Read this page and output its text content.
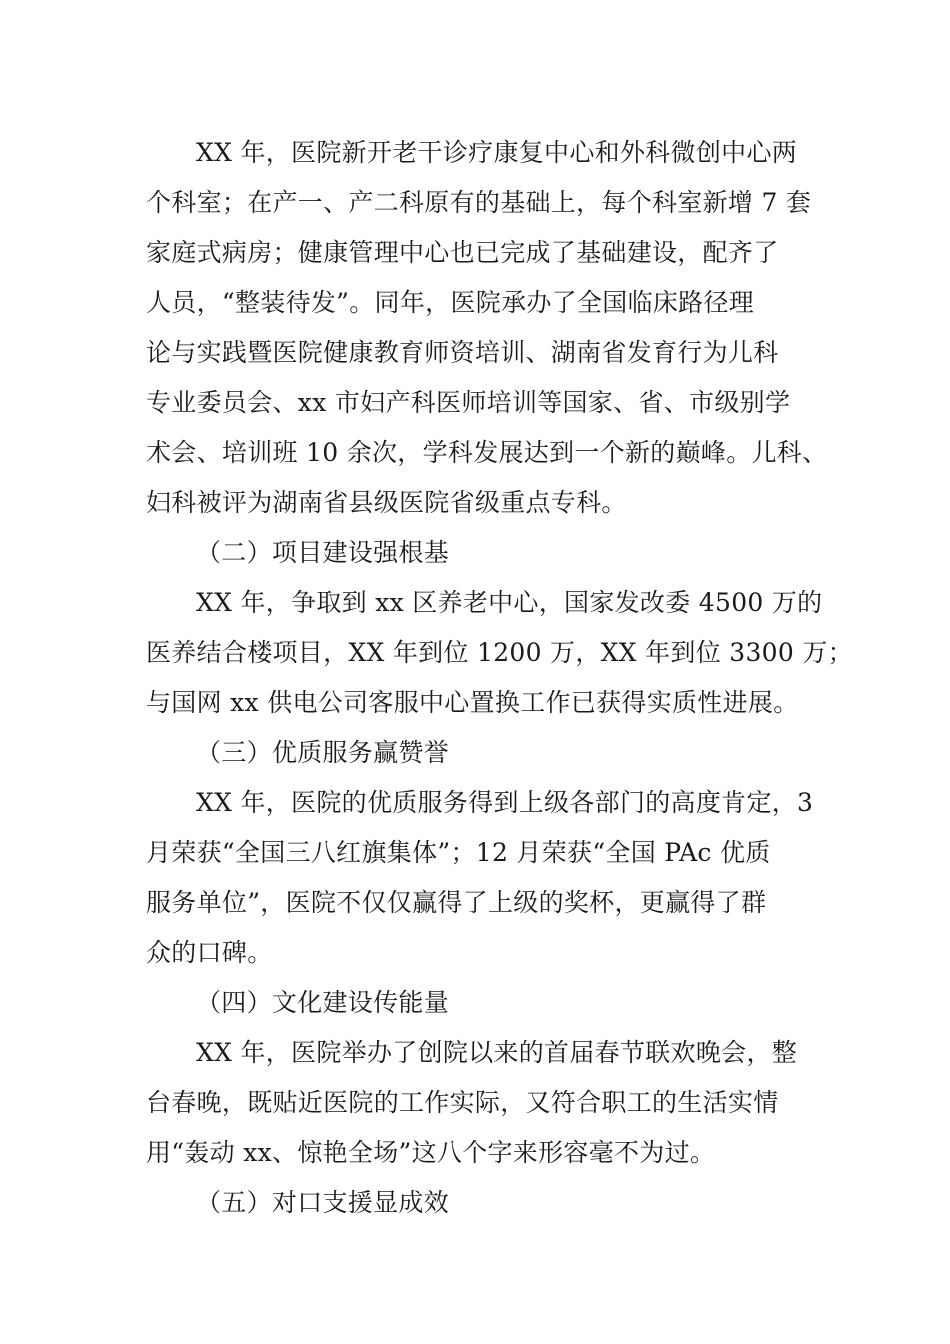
XX 年，医院新开老干诊疗康复中心和外科微创中心两
个科室；在产一、产二科原有的基础上，每个科室新增 7 套
家庭式病房；健康管理中心也已完成了基础建设，配齐了
人员，“整装待发”。同年，医院承办了全国临床路径理
论与实践暨医院健康教育师资培训、湖南省发育行为儿科
专业委员会、xx 市妇产科医师培训等国家、省、市级别学
术会、培训班 10 余次，学科发展达到一个新的巅峰。儿科、
妇科被评为湖南省县级医院省级重点专科。
（二）项目建设强根基
XX 年，争取到 xx 区养老中心，国家发改委 4500 万的
医养结合楼项目，XX 年到位 1200 万，XX 年到位 3300 万；
与国网 xx 供电公司客服中心置换工作已获得实质性进展。
（三）优质服务赢赞誉
XX 年，医院的优质服务得到上级各部门的高度肯定，3
月荣获“全国三八红旗集体”；12 月荣获“全国 PAc 优质
服务单位”，医院不仅仅赢得了上级的奖杯，更赢得了群
众的口碑。
（四）文化建设传能量
XX 年，医院举办了创院以来的首届春节联欢晚会，整
台春晚，既贴近医院的工作实际，又符合职工的生活实情
用“轰动 xx、惊艳全场”这八个字来形容毫不为过。
（五）对口支援显成效
